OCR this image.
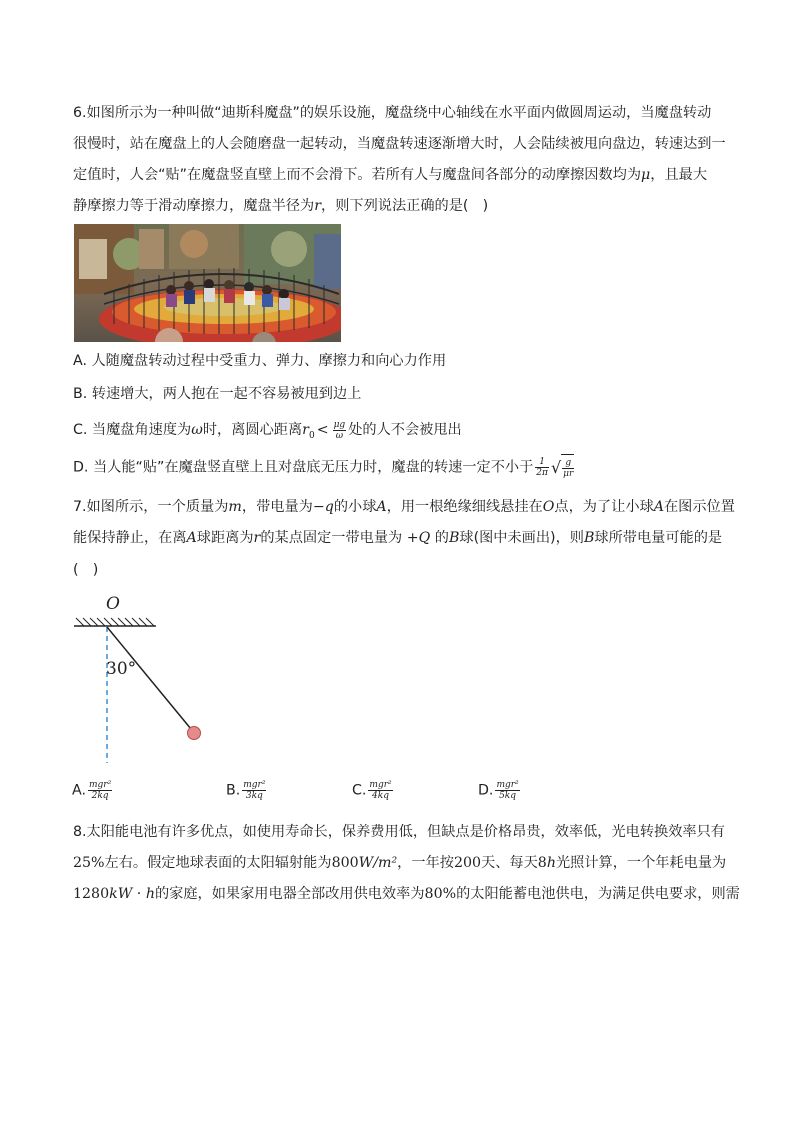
6.如图所示为一种叫做“迪斯科魔盘”的娱乐设施，魔盘绕中心轴线在水平面内做圆周运动，当魔盘转动
很慢时，站在魔盘上的人会随磨盘一起转动，当魔盘转速逐渐增大时，人会陆续被甩向盘边，转速达到一
定值时，人会“贴”在魔盘竖直壁上而不会滑下。若所有人与魔盘间各部分的动摩擦因数均为μ，且最大
静摩擦力等于滑动摩擦力，魔盘半径为r，则下列说法正确的是(　)
A. 人随魔盘转动过程中受重力、弹力、摩擦力和向心力作用
B. 转速增大，两人抱在一起不容易被甩到边上
C. 当魔盘角速度为ω时，离圆心距离$r_0 < \frac{\mu g}{\omega}$ 处的人不会被甩出
D. 当人能“贴”在魔盘竖直壁上且对盘底无压力时，魔盘的转速一定不小于 $\frac{1}{2\pi}$ √ $\frac{g}{\mu r}$
7.如图所示，一个质量为m，带电量为−q的小球A，用一根绝缘细线悬挂在O点，为了让小球A在图示位置
能保持静止，在离A球距离为r的某点固定一带电量为 +Q 的B球(图中未画出)，则B球所带电量可能的是
(　)
O
30°
A. $\frac{\text{mgr²}}{2kq}$	B. $\frac{\text{mgr²}}{3kq}$	C. $\frac{\text{mgr²}}{4kq}$	D. $\frac{\text{mgr²}}{5kq}$
8.太阳能电池有许多优点，如使用寿命长，保养费用低，但缺点是价格昂贵，效率低，光电转换效率只有
25%左右。假定地球表面的太阳辐射能为800W/m²，一年按200天、每天8h光照计算，一个年耗电量为
1280kW · h的家庭，如果家用电器全部改用供电效率为80%的太阳能蓄电池供电，为满足供电要求，则需
